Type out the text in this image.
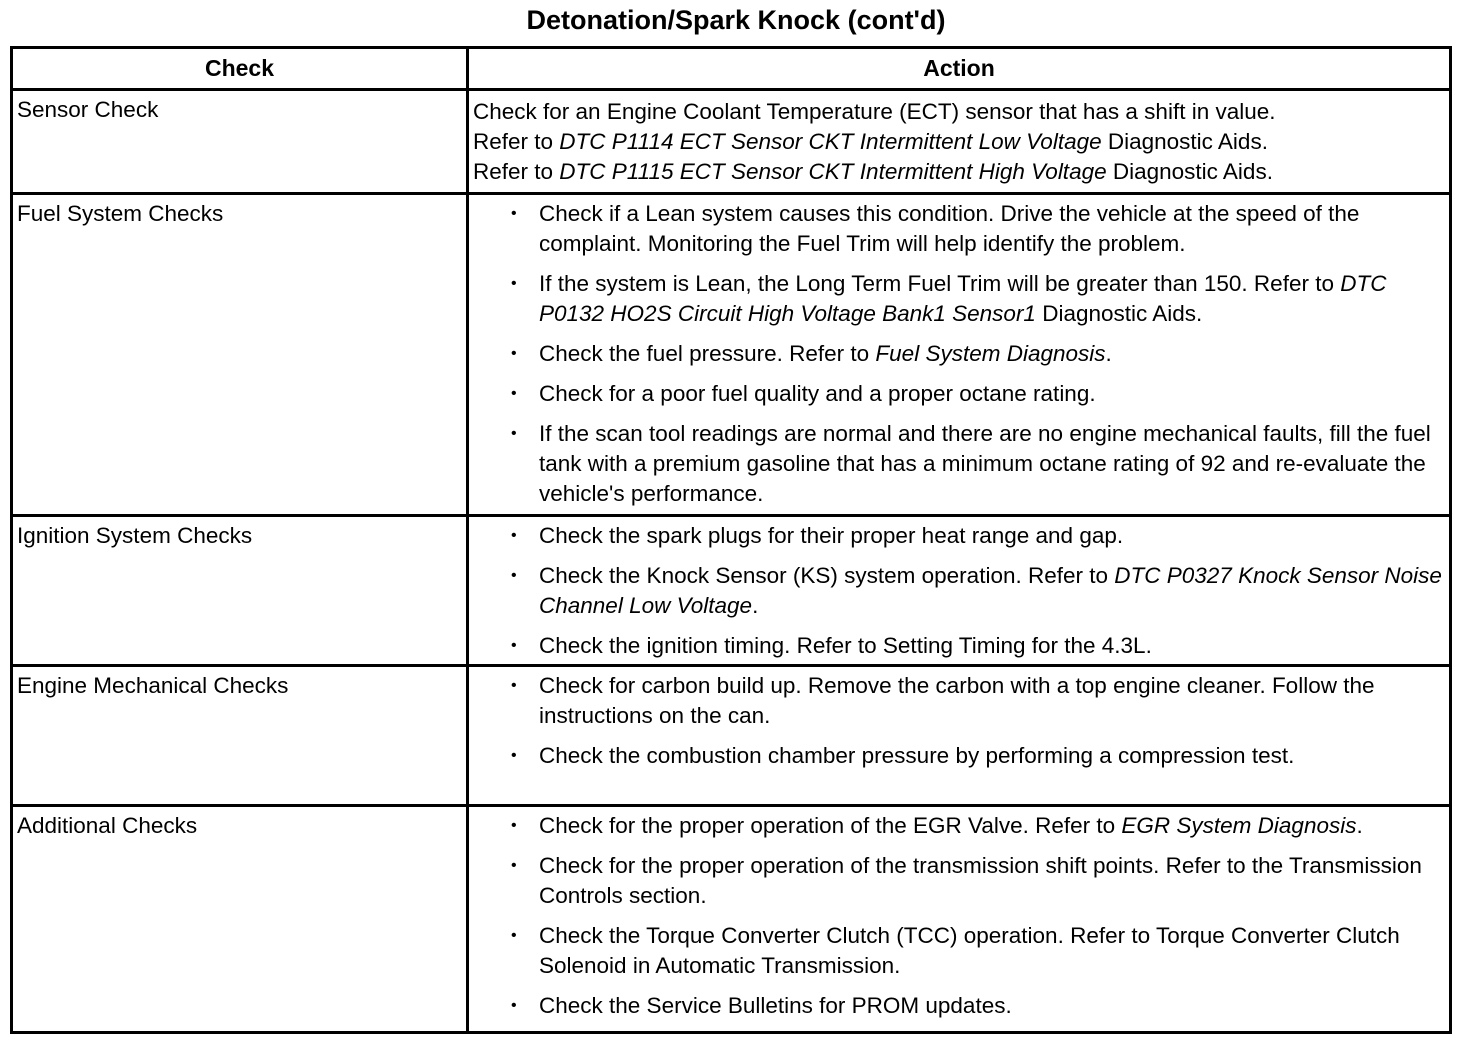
Detonation/Spark Knock (cont'd)
Check	Action
Sensor Check	Check for an Engine Coolant Temperature (ECT) sensor that has a shift in value.
Refer to DTC P1114 ECT Sensor CKT Intermittent Low Voltage Diagnostic Aids.
Refer to DTC P1115 ECT Sensor CKT Intermittent High Voltage Diagnostic Aids.
Fuel System Checks	• Check if a Lean system causes this condition. Drive the vehicle at the speed of the complaint. Monitoring the Fuel Trim will help identify the problem.
• If the system is Lean, the Long Term Fuel Trim will be greater than 150. Refer to DTC P0132 HO2S Circuit High Voltage Bank1 Sensor1 Diagnostic Aids.
• Check the fuel pressure. Refer to Fuel System Diagnosis.
• Check for a poor fuel quality and a proper octane rating.
• If the scan tool readings are normal and there are no engine mechanical faults, fill the fuel tank with a premium gasoline that has a minimum octane rating of 92 and re-evaluate the vehicle's performance.
Ignition System Checks	• Check the spark plugs for their proper heat range and gap.
• Check the Knock Sensor (KS) system operation. Refer to DTC P0327 Knock Sensor Noise Channel Low Voltage.
• Check the ignition timing. Refer to Setting Timing for the 4.3L.
Engine Mechanical Checks	• Check for carbon build up. Remove the carbon with a top engine cleaner. Follow the instructions on the can.
• Check the combustion chamber pressure by performing a compression test.
Additional Checks	• Check for the proper operation of the EGR Valve. Refer to EGR System Diagnosis.
• Check for the proper operation of the transmission shift points. Refer to the Transmission Controls section.
• Check the Torque Converter Clutch (TCC) operation. Refer to Torque Converter Clutch Solenoid in Automatic Transmission.
• Check the Service Bulletins for PROM updates.
